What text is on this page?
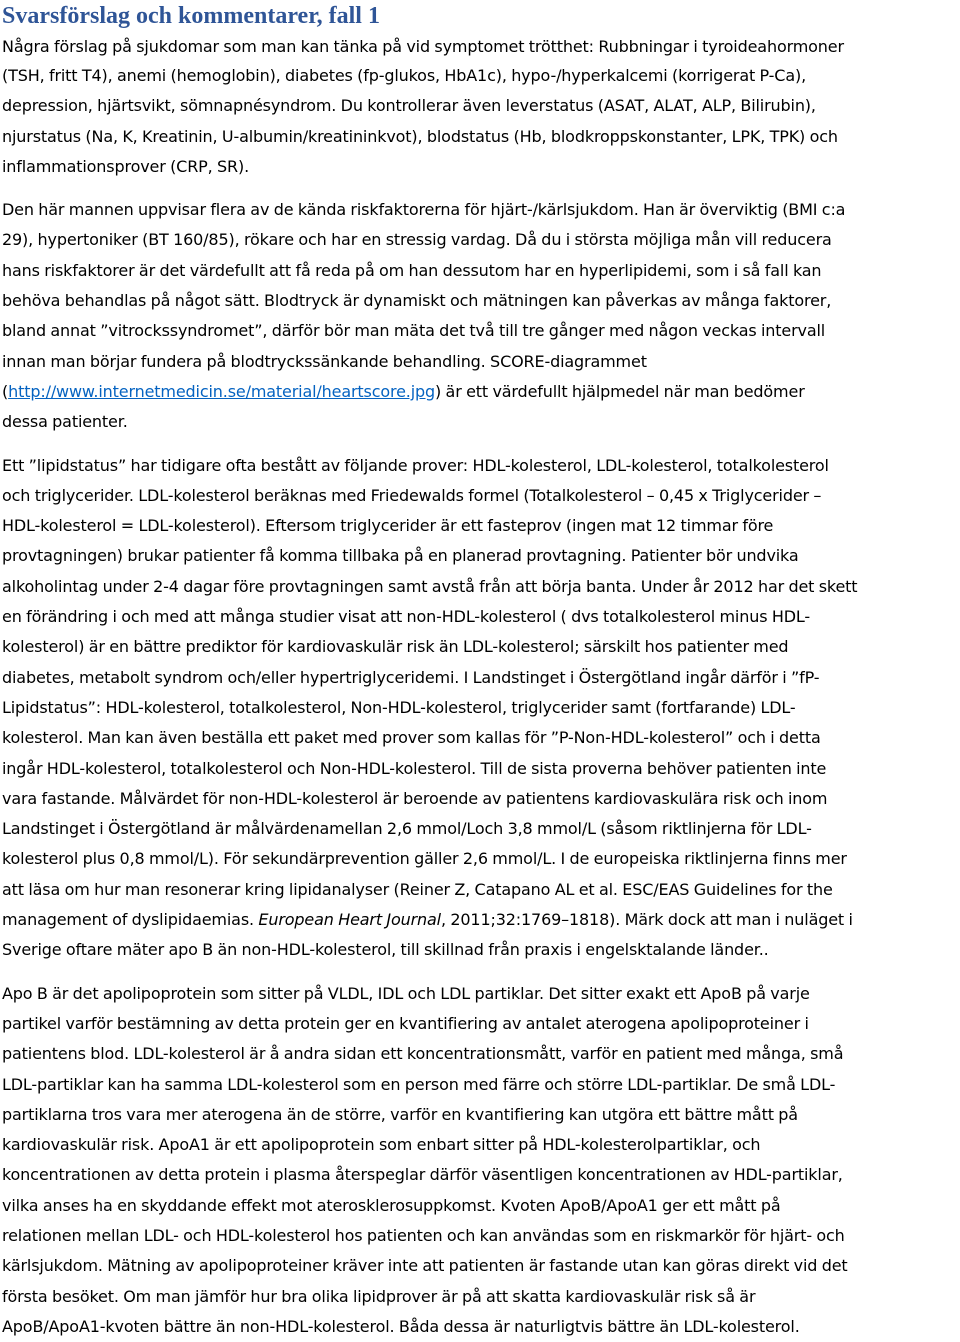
Svarsförslag och kommentarer, fall 1
Några förslag på sjukdomar som man kan tänka på vid symptomet trötthet: Rubbningar i tyroideahormoner
(TSH, fritt T4), anemi (hemoglobin), diabetes (fp-glukos, HbA1c), hypo-/hyperkalcemi (korrigerat P-Ca),
depression, hjärtsvikt, sömnapnésyndrom. Du kontrollerar även leverstatus (ASAT, ALAT, ALP, Bilirubin),
njurstatus (Na, K, Kreatinin, U-albumin/kreatininkvot), blodstatus (Hb, blodkroppskonstanter, LPK, TPK) och
inflammationsprover (CRP, SR).
Den här mannen uppvisar flera av de kända riskfaktorerna för hjärt-/kärlsjukdom. Han är överviktig (BMI c:a
29), hypertoniker (BT 160/85), rökare och har en stressig vardag. Då du i största möjliga mån vill reducera
hans riskfaktorer är det värdefullt att få reda på om han dessutom har en hyperlipidemi, som i så fall kan
behöva behandlas på något sätt. Blodtryck är dynamiskt och mätningen kan påverkas av många faktorer,
bland annat ”vitrockssyndromet”, därför bör man mäta det två till tre gånger med någon veckas intervall
innan man börjar fundera på blodtryckssänkande behandling. SCORE-diagrammet
(http://www.internetmedicin.se/material/heartscore.jpg) är ett värdefullt hjälpmedel när man bedömer
dessa patienter.
Ett ”lipidstatus” har tidigare ofta bestått av följande prover: HDL-kolesterol, LDL-kolesterol, totalkolesterol
och triglycerider. LDL-kolesterol beräknas med Friedewalds formel (Totalkolesterol – 0,45 x Triglycerider –
HDL-kolesterol = LDL-kolesterol). Eftersom triglycerider är ett fasteprov (ingen mat 12 timmar före
provtagningen) brukar patienter få komma tillbaka på en planerad provtagning. Patienter bör undvika
alkoholintag under 2-4 dagar före provtagningen samt avstå från att börja banta. Under år 2012 har det skett
en förändring i och med att många studier visat att non-HDL-kolesterol ( dvs totalkolesterol minus HDL-
kolesterol) är en bättre prediktor för kardiovaskulär risk än LDL-kolesterol; särskilt hos patienter med
diabetes, metabolt syndrom och/eller hypertriglyceridemi. I Landstinget i Östergötland ingår därför i ”fP-
Lipidstatus”: HDL-kolesterol, totalkolesterol, Non-HDL-kolesterol, triglycerider samt (fortfarande) LDL-
kolesterol. Man kan även beställa ett paket med prover som kallas för ”P-Non-HDL-kolesterol” och i detta
ingår HDL-kolesterol, totalkolesterol och Non-HDL-kolesterol. Till de sista proverna behöver patienten inte
vara fastande. Målvärdet för non-HDL-kolesterol är beroende av patientens kardiovaskulära risk och inom
Landstinget i Östergötland är målvärdenamellan 2,6 mmol/Loch 3,8 mmol/L (såsom riktlinjerna för LDL-
kolesterol plus 0,8 mmol/L). För sekundärprevention gäller 2,6 mmol/L. I de europeiska riktlinjerna finns mer
att läsa om hur man resonerar kring lipidanalyser (Reiner Z, Catapano AL et al. ESC/EAS Guidelines for the
management of dyslipidaemias. European Heart Journal, 2011;32:1769–1818). Märk dock att man i nuläget i
Sverige oftare mäter apo B än non-HDL-kolesterol, till skillnad från praxis i engelsktalande länder..
Apo B är det apolipoprotein som sitter på VLDL, IDL och LDL partiklar. Det sitter exakt ett ApoB på varje
partikel varför bestämning av detta protein ger en kvantifiering av antalet aterogena apolipoproteiner i
patientens blod. LDL-kolesterol är å andra sidan ett koncentrationsmått, varför en patient med många, små
LDL-partiklar kan ha samma LDL-kolesterol som en person med färre och större LDL-partiklar. De små LDL-
partiklarna tros vara mer aterogena än de större, varför en kvantifiering kan utgöra ett bättre mått på
kardiovaskulär risk. ApoA1 är ett apolipoprotein som enbart sitter på HDL-kolesterolpartiklar, och
koncentrationen av detta protein i plasma återspeglar därför väsentligen koncentrationen av HDL-partiklar,
vilka anses ha en skyddande effekt mot aterosklerosuppkomst. Kvoten ApoB/ApoA1 ger ett mått på
relationen mellan LDL- och HDL-kolesterol hos patienten och kan användas som en riskmarkör för hjärt- och
kärlsjukdom. Mätning av apolipoproteiner kräver inte att patienten är fastande utan kan göras direkt vid det
första besöket. Om man jämför hur bra olika lipidprover är på att skatta kardiovaskulär risk så är
ApoB/ApoA1-kvoten bättre än non-HDL-kolesterol. Båda dessa är naturligtvis bättre än LDL-kolesterol.
